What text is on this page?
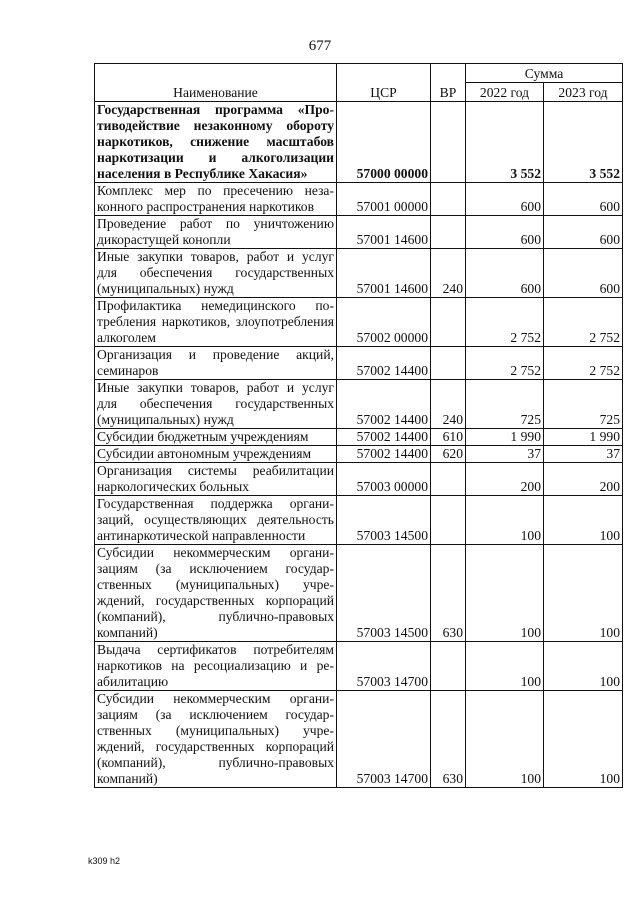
677
Наименование	ЦСР	ВР	Сумма	
			2022 год	2023 год
Государственная программа «Противодействие незаконному обороту наркотиков, снижение масштабов наркотизации и алкоголизации населения в Республике Хакасия»	57000 00000		3 552	3 552
Комплекс мер по пресечению незаконного распространения наркотиков	57001 00000		600	600
Проведение работ по уничтожению дикорастущей конопли	57001 14600		600	600
Иные закупки товаров, работ и услуг для обеспечения государственных (муниципальных) нужд	57001 14600	240	600	600
Профилактика немедицинского потребления наркотиков, злоупотребления алкоголем	57002 00000		2 752	2 752
Организация и проведение акций, семинаров	57002 14400		2 752	2 752
Иные закупки товаров, работ и услуг для обеспечения государственных (муниципальных) нужд	57002 14400	240	725	725
Субсидии бюджетным учреждениям	57002 14400	610	1 990	1 990
Субсидии автономным учреждениям	57002 14400	620	37	37
Организация системы реабилитации наркологических больных	57003 00000		200	200
Государственная поддержка организаций, осуществляющих деятельность антинаркотической направленности	57003 14500		100	100
Субсидии некоммерческим организациям (за исключением государственных (муниципальных) учреждений, государственных корпораций (компаний), публично-правовых компаний)	57003 14500	630	100	100
Выдача сертификатов потребителям наркотиков на ресоциализацию и реабилитацию	57003 14700		100	100
Субсидии некоммерческим организациям (за исключением государственных (муниципальных) учреждений, государственных корпораций (компаний), публично-правовых компаний)	57003 14700	630	100	100
k309 h2
